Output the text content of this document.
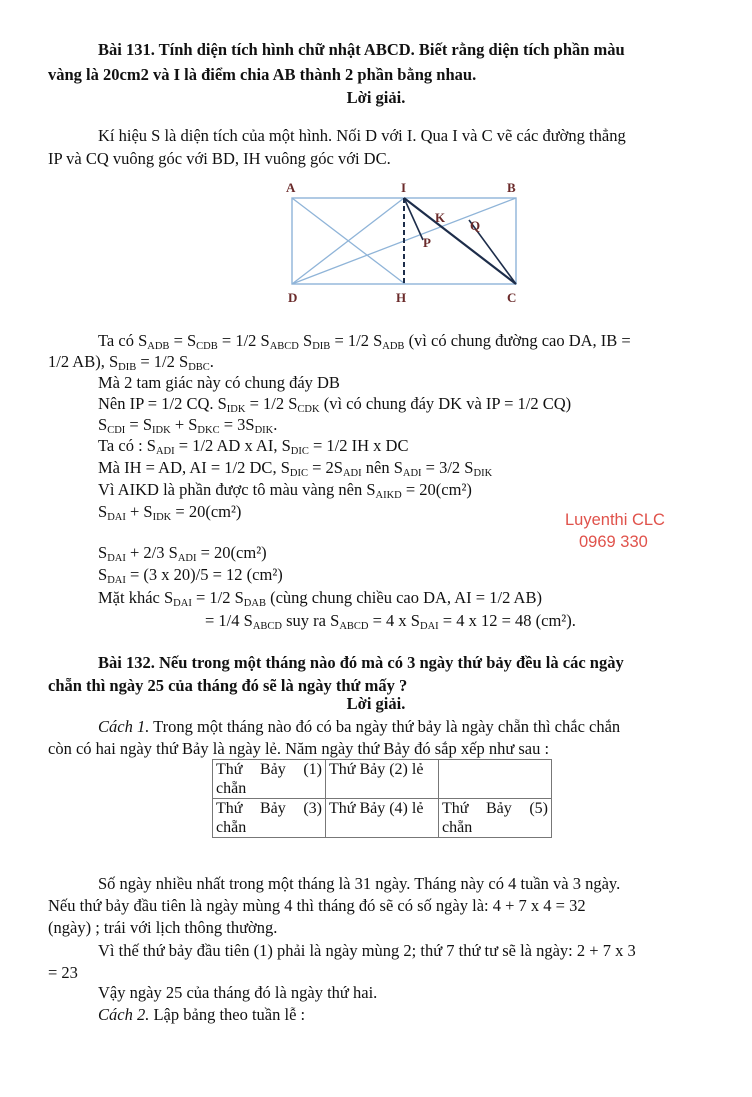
Bài 131. Tính diện tích hình chữ nhật ABCD. Biết rằng diện tích phần màu
vàng là 20cm2 và I là điểm chia AB thành 2 phần bằng nhau.
Lời giải.
Kí hiệu S là diện tích của một hình. Nối D với I. Qua I và C vẽ các đường thẳng
IP và CQ vuông góc với BD, IH vuông góc với DC.
A	I	B
K
Q
P
D	H	C
Ta có $S_{ADB} = S_{CDB} = 1/2$ $S_{ABCD}$ $S_{DIB} = 1/2$ $S_{ADB}$ (vì có chung đường cao DA, IB =
1/2 AB), $S_{DIB} = 1/2$ $S_{DBC}$.
Mà 2 tam giác này có chung đáy DB
Nên IP = 1/2 CQ. $S_{IDK} = 1/2$ $S_{CDK}$ (vì có chung đáy DK và IP = 1/2 CQ)
$S_{CDI} = S_{IDK} + S_{DKC} = 3S_{DIK}$.
Ta có : $S_{ADI} = 1/2$ AD x AI, $S_{DIC} = 1/2$ IH x DC
Mà IH = AD, AI = 1/2 DC, $S_{DIC} = 2S_{ADI}$ nên $S_{ADI} = 3/2$ $S_{DIK}$
Vì AIKD là phần được tô màu vàng nên $S_{AIKD} = 20(cm^2)$
$S_{DAI} + S_{IDK} = 20(cm^2)$
$S_{DAI} + 2/3$ $S_{ADI} = 20(cm^2)$
$S_{DAI} = (3$ x 20)/5 = 12 (cm²)
Mặt khác $S_{DAI} = 1/2$ $S_{DAB}$ (cùng chung chiều cao DA, AI = 1/2 AB)
= 1/4 $S_{ABCD}$ suy ra $S_{ABCD} = 4$ x $S_{DAI} = 4$ x 12 = 48 (cm²).
Luyenthi CLC
0969 330
Bài 132. Nếu trong một tháng nào đó mà có 3 ngày thứ bảy đều là các ngày
chẵn thì ngày 25 của tháng đó sẽ là ngày thứ mấy ?
Lời giải.
Cách 1. Trong một tháng nào đó có ba ngày thứ bảy là ngày chẵn thì chắc chắn
còn có hai ngày thứ Bảy là ngày lẻ. Năm ngày thứ Bảy đó sắp xếp như sau :
Thứ Bảy (1) chẵn	Thứ Bảy (2) lẻ	
Thứ Bảy (3) chẵn	Thứ Bảy (4) lẻ	Thứ Bảy (5) chẵn
Số ngày nhiều nhất trong một tháng là 31 ngày. Tháng này có 4 tuần và 3 ngày.
Nếu thứ bảy đầu tiên là ngày mùng 4 thì tháng đó sẽ có số ngày là: 4 + 7 x 4 = 32
(ngày) ; trái với lịch thông thường.
Vì thế thứ bảy đầu tiên (1) phải là ngày mùng 2; thứ 7 thứ tư sẽ là ngày: 2 + 7 x 3
= 23
Vậy ngày 25 của tháng đó là ngày thứ hai.
Cách 2. Lập bảng theo tuần lễ :
